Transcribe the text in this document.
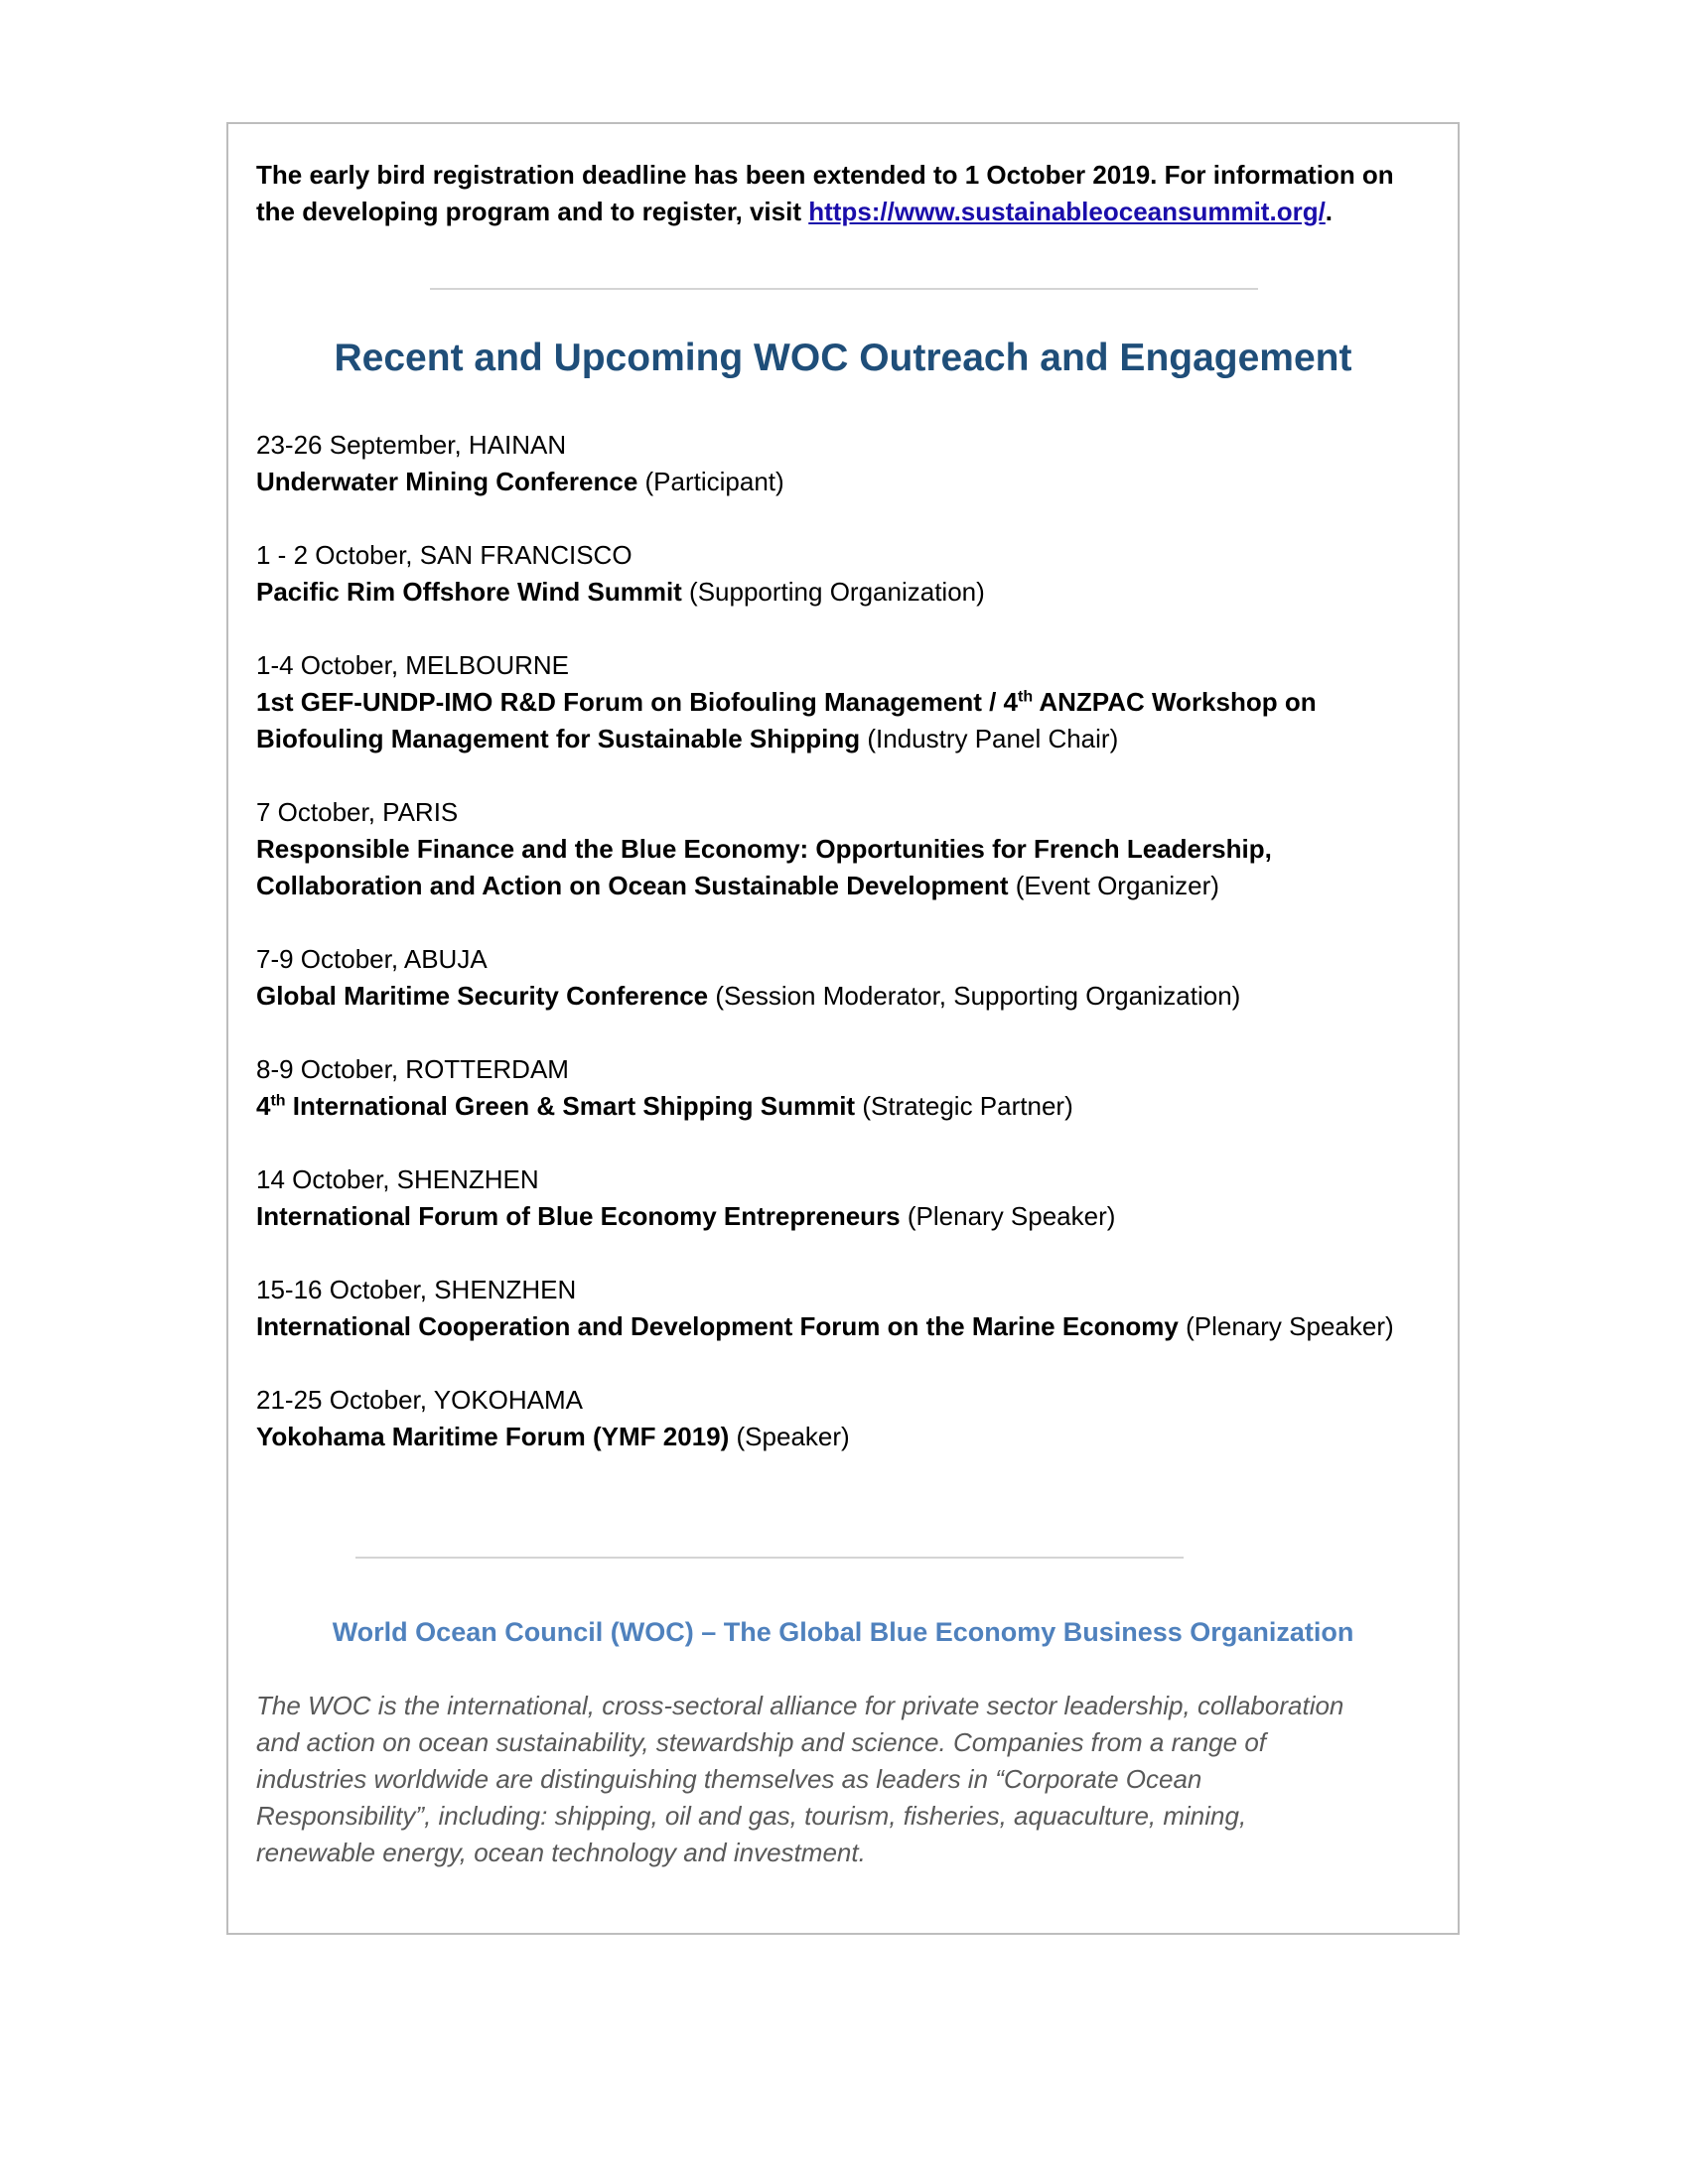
The early bird registration deadline has been extended to 1 October 2019. For information on the developing program and to register, visit https://www.sustainableoceansummit.org/.

Recent and Upcoming WOC Outreach and Engagement
23-26 September, HAINAN
Underwater Mining Conference (Participant)
1 - 2 October, SAN FRANCISCO
Pacific Rim Offshore Wind Summit (Supporting Organization)
1-4 October, MELBOURNE
1st GEF-UNDP-IMO R&D Forum on Biofouling Management / 4th ANZPAC Workshop on Biofouling Management for Sustainable Shipping (Industry Panel Chair)
7 October, PARIS
Responsible Finance and the Blue Economy: Opportunities for French Leadership, Collaboration and Action on Ocean Sustainable Development (Event Organizer)
7-9 October, ABUJA
Global Maritime Security Conference (Session Moderator, Supporting Organization)
8-9 October, ROTTERDAM
4th International Green & Smart Shipping Summit (Strategic Partner)
14 October, SHENZHEN
International Forum of Blue Economy Entrepreneurs (Plenary Speaker)
15-16 October, SHENZHEN
International Cooperation and Development Forum on the Marine Economy (Plenary Speaker)
21-25 October, YOKOHAMA
Yokohama Maritime Forum (YMF 2019) (Speaker)
World Ocean Council (WOC) – The Global Blue Economy Business Organization

The WOC is the international, cross-sectoral alliance for private sector leadership, collaboration and action on ocean sustainability, stewardship and science. Companies from a range of industries worldwide are distinguishing themselves as leaders in “Corporate Ocean Responsibility”, including: shipping, oil and gas, tourism, fisheries, aquaculture, mining, renewable energy, ocean technology and investment.
